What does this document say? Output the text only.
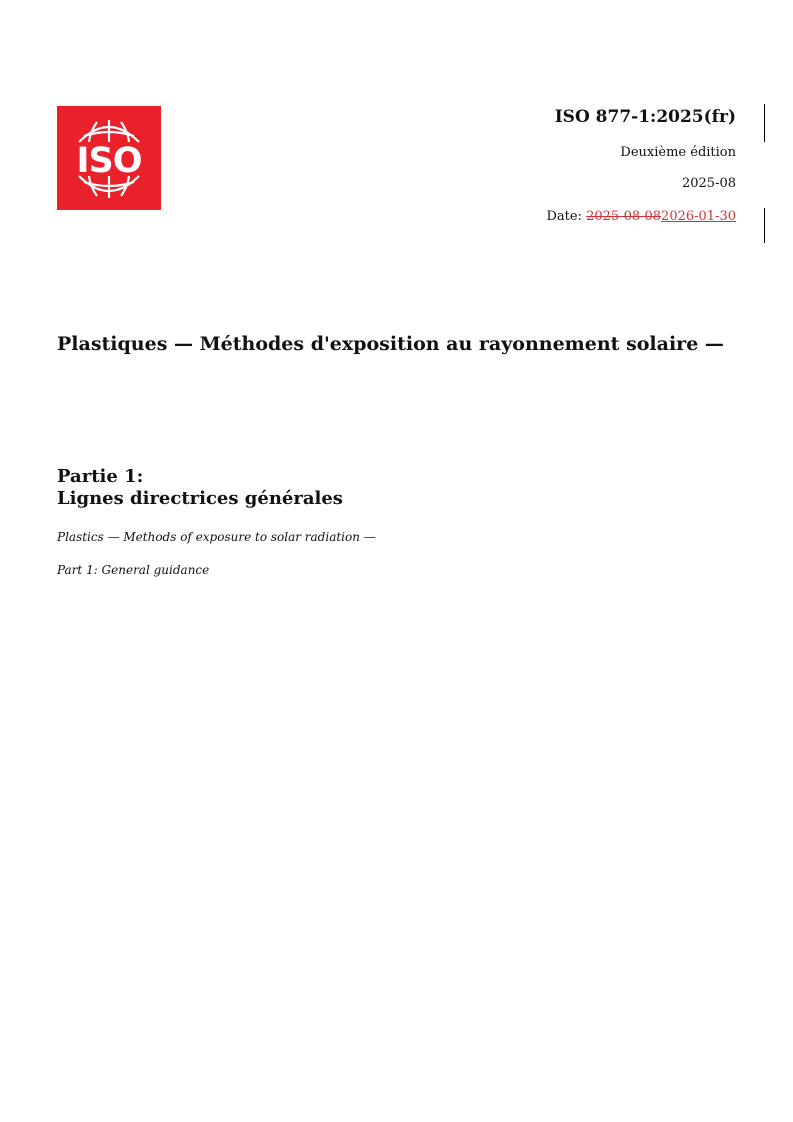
ISO
ISO 877-1:2025(fr)
Deuxième édition
2025-08
Date: 2025-08-082026-01-30
Plastiques — Méthodes d'exposition au rayonnement solaire —
Partie 1:
Lignes directrices générales
Plastics — Methods of exposure to solar radiation —
Part 1: General guidance
